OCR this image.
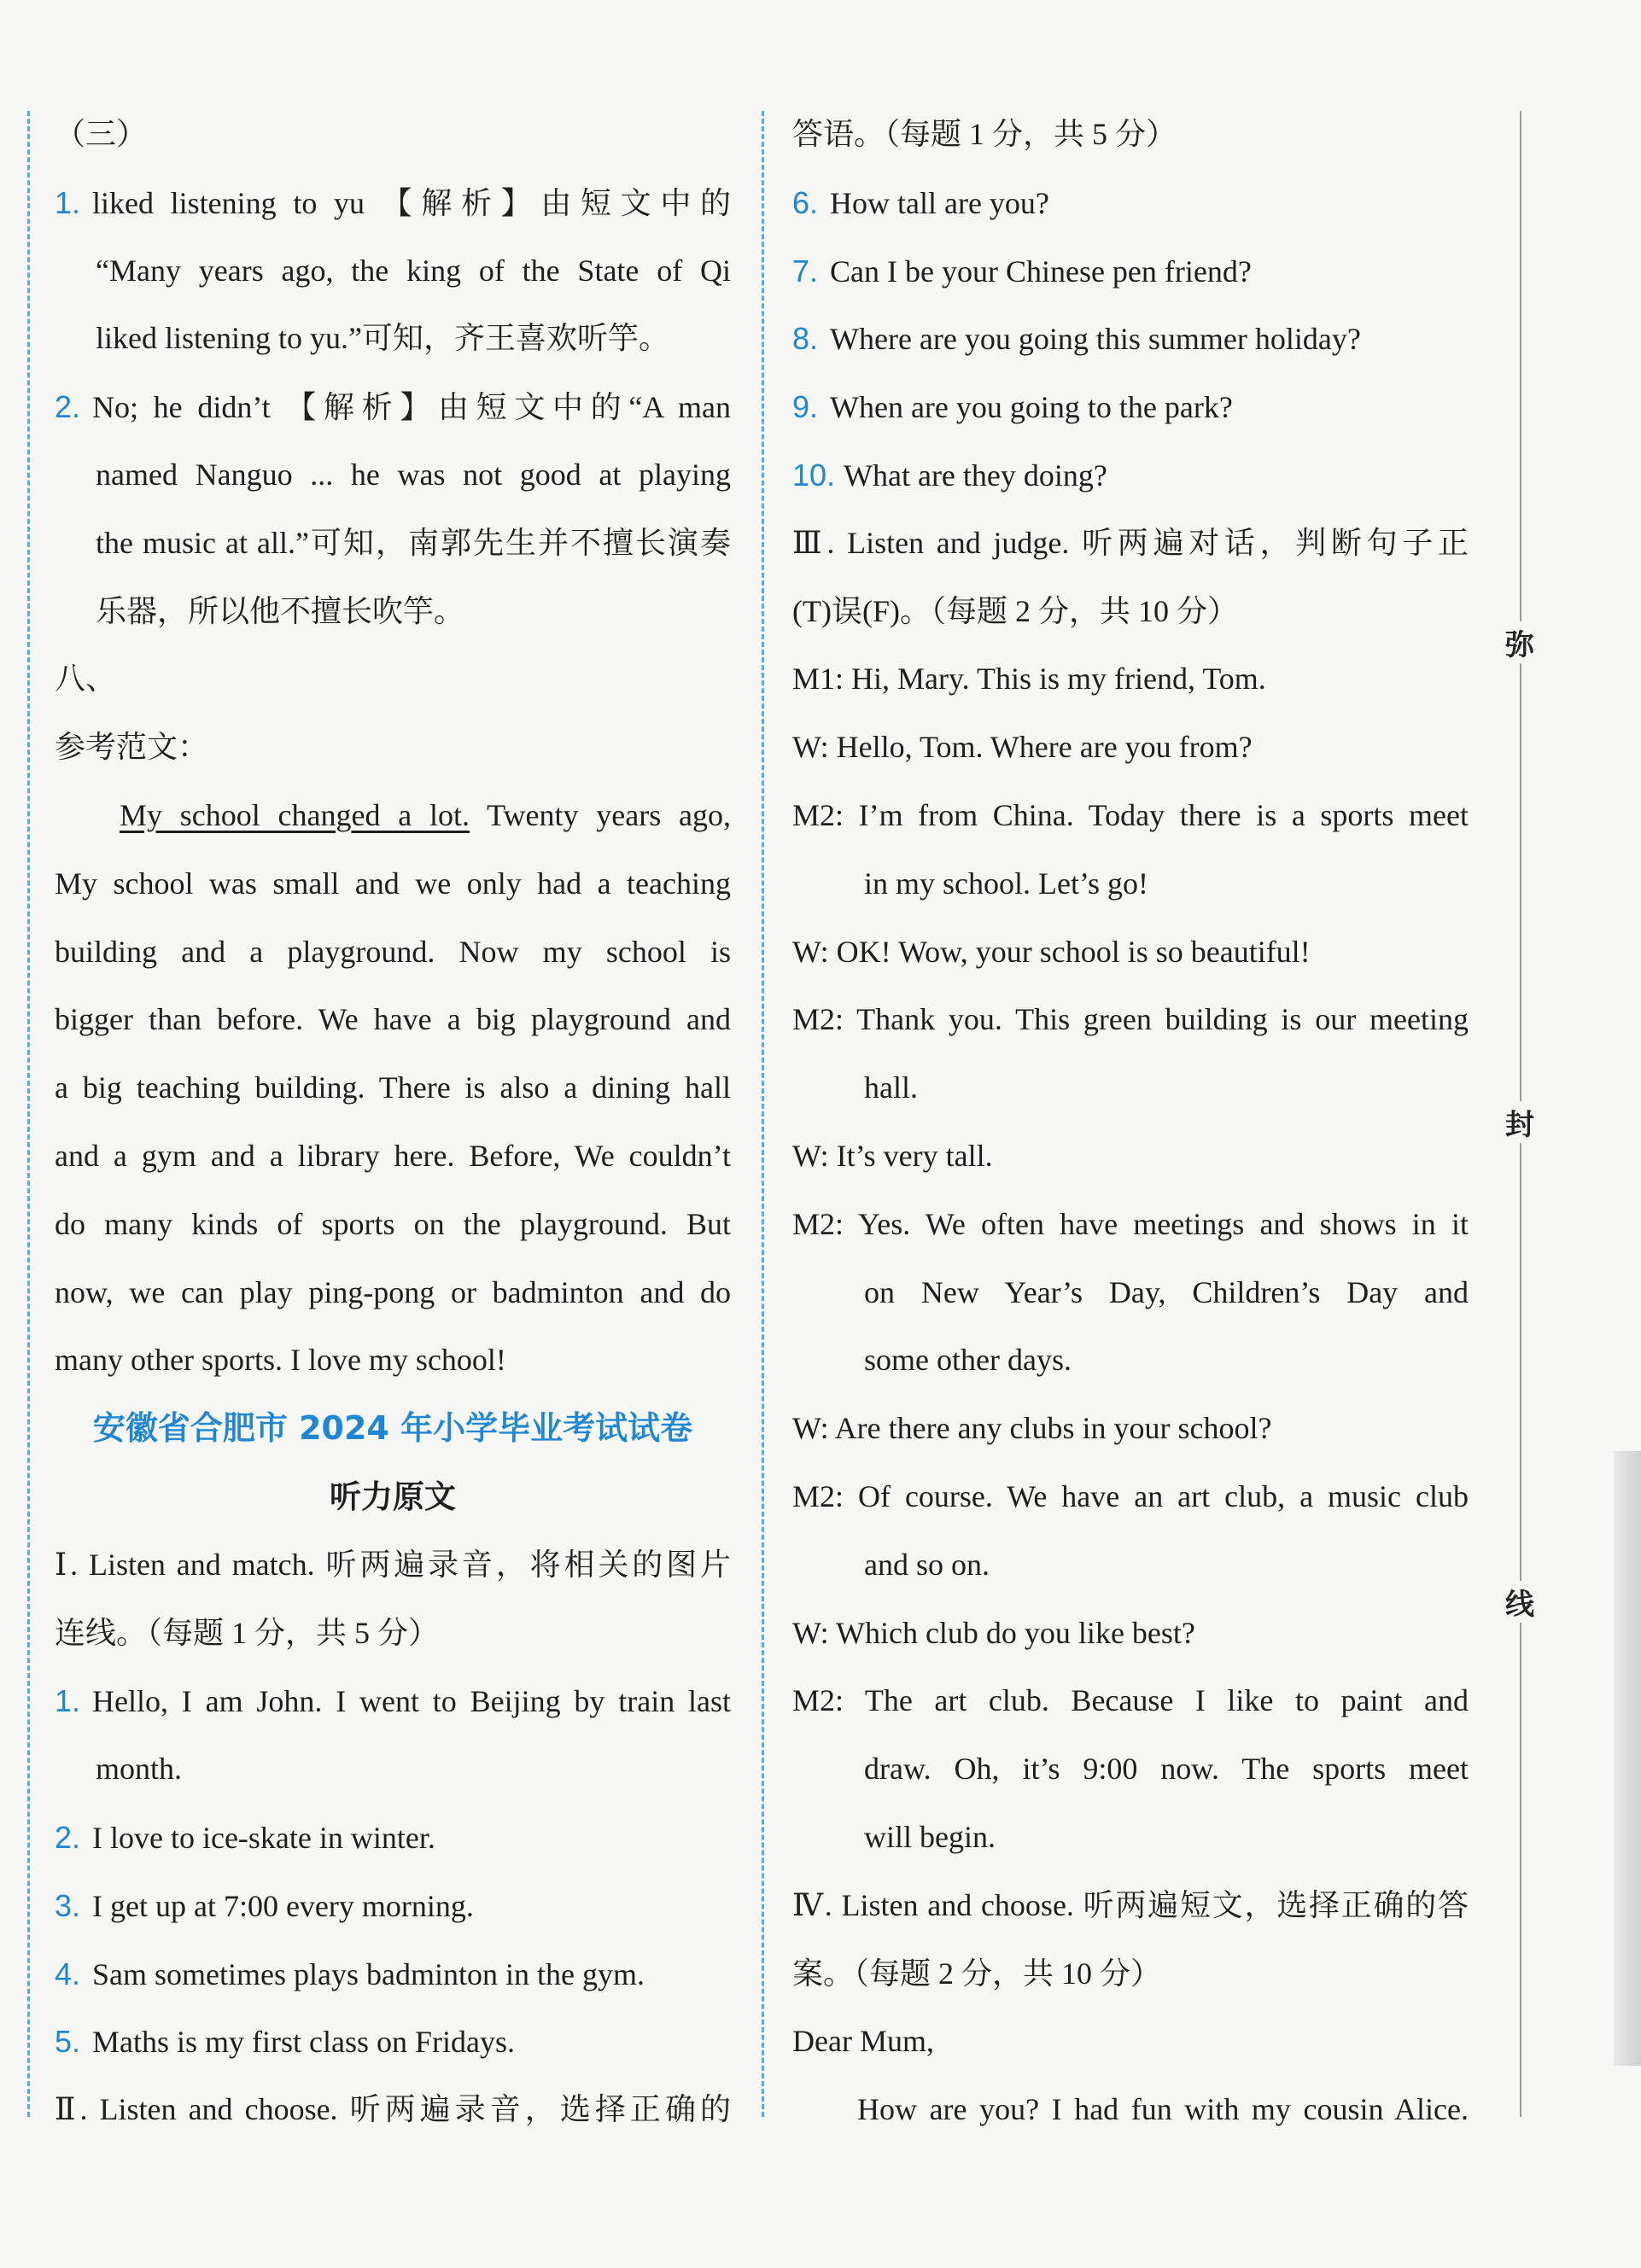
弥
封
线
（三）
1. liked listening to yu 【解析】由短文中的
“Many years ago, the king of the State of Qi
liked listening to yu.”可知，齐王喜欢听竽。
2. No; he didn’t 【解析】由短文中的“A man
named Nanguo ... he was not good at playing
the music at all.”可知，南郭先生并不擅长演奏
乐器，所以他不擅长吹竽。
八、
参考范文：
My school changed a lot. Twenty years ago,
My school was small and we only had a teaching
building and a playground. Now my school is
bigger than before. We have a big playground and
a big teaching building. There is also a dining hall
and a gym and a library here. Before, We couldn’t
do many kinds of sports on the playground. But
now, we can play ping-pong or badminton and do
many other sports. I love my school!
安徽省合肥市 2024 年小学毕业考试试卷
听力原文
Ⅰ. Listen and match. 听两遍录音，将相关的图片
连线。（每题 1 分，共 5 分）
1. Hello, I am John. I went to Beijing by train last
month.
2. I love to ice-skate in winter.
3. I get up at 7:00 every morning.
4. Sam sometimes plays badminton in the gym.
5. Maths is my first class on Fridays.
Ⅱ. Listen and choose. 听两遍录音，选择正确的
答语。（每题 1 分，共 5 分）
6. How tall are you?
7. Can I be your Chinese pen friend?
8. Where are you going this summer holiday?
9. When are you going to the park?
10. What are they doing?
Ⅲ. Listen and judge. 听两遍对话，判断句子正
(T)误(F)。（每题 2 分，共 10 分）
M1: Hi, Mary. This is my friend, Tom.
W: Hello, Tom. Where are you from?
M2: I’m from China. Today there is a sports meet
in my school. Let’s go!
W: OK! Wow, your school is so beautiful!
M2: Thank you. This green building is our meeting
hall.
W: It’s very tall.
M2: Yes. We often have meetings and shows in it
on New Year’s Day, Children’s Day and
some other days.
W: Are there any clubs in your school?
M2: Of course. We have an art club, a music club
and so on.
W: Which club do you like best?
M2: The art club. Because I like to paint and
draw. Oh, it’s 9:00 now. The sports meet
will begin.
Ⅳ. Listen and choose. 听两遍短文，选择正确的答
案。（每题 2 分，共 10 分）
Dear Mum,
How are you? I had fun with my cousin Alice.
